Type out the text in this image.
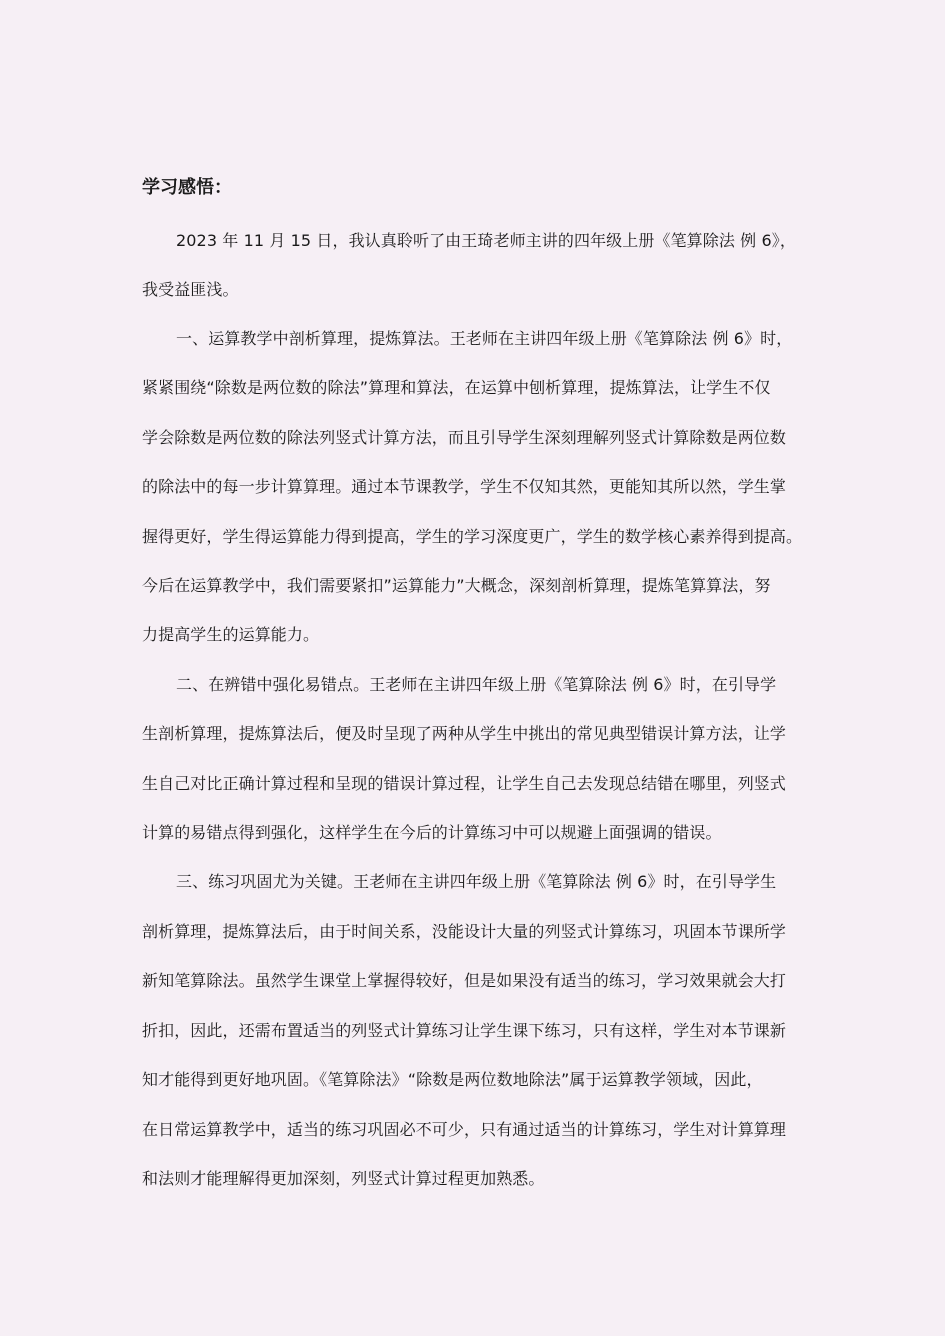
学习感悟：
2023 年 11 月 15 日，我认真聆听了由王琦老师主讲的四年级上册《笔算除法 例 6》，
我受益匪浅。
一、运算教学中剖析算理，提炼算法。王老师在主讲四年级上册《笔算除法 例 6》时，
紧紧围绕“除数是两位数的除法”算理和算法，在运算中刨析算理，提炼算法，让学生不仅
学会除数是两位数的除法列竖式计算方法，而且引导学生深刻理解列竖式计算除数是两位数
的除法中的每一步计算算理。通过本节课教学，学生不仅知其然，更能知其所以然，学生掌
握得更好，学生得运算能力得到提高，学生的学习深度更广，学生的数学核心素养得到提高。
今后在运算教学中，我们需要紧扣”运算能力”大概念，深刻剖析算理，提炼笔算算法，努
力提高学生的运算能力。
二、在辨错中强化易错点。王老师在主讲四年级上册《笔算除法 例 6》时，在引导学
生剖析算理，提炼算法后，便及时呈现了两种从学生中挑出的常见典型错误计算方法，让学
生自己对比正确计算过程和呈现的错误计算过程，让学生自己去发现总结错在哪里，列竖式
计算的易错点得到强化，这样学生在今后的计算练习中可以规避上面强调的错误。
三、练习巩固尤为关键。王老师在主讲四年级上册《笔算除法 例 6》时，在引导学生
剖析算理，提炼算法后，由于时间关系，没能设计大量的列竖式计算练习，巩固本节课所学
新知笔算除法。虽然学生课堂上掌握得较好，但是如果没有适当的练习，学习效果就会大打
折扣，因此，还需布置适当的列竖式计算练习让学生课下练习，只有这样，学生对本节课新
知才能得到更好地巩固。《笔算除法》“除数是两位数地除法”属于运算教学领域，因此，
在日常运算教学中，适当的练习巩固必不可少，只有通过适当的计算练习，学生对计算算理
和法则才能理解得更加深刻，列竖式计算过程更加熟悉。
